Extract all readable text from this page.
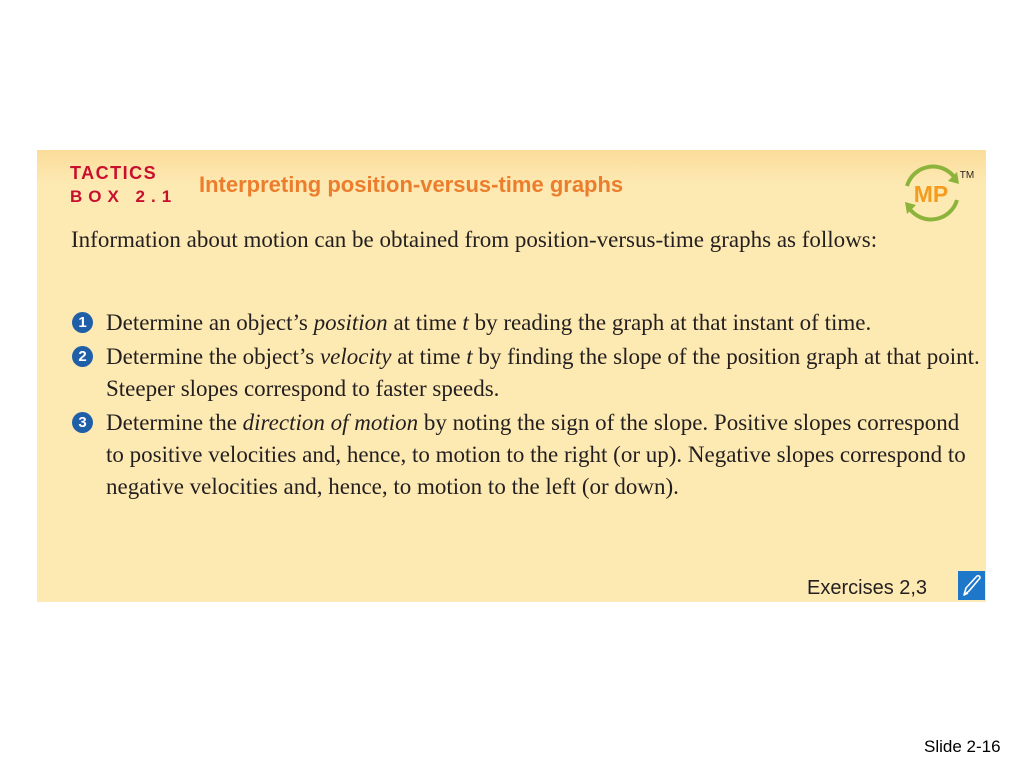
TACTICS
BOX 2.1 Interpreting position-versus-time graphs	MP
TM

Information about motion can be obtained from position-versus-time graphs as follows:

1 Determine an object’s position at time t by reading the graph at that instant of time.
2 Determine the object’s velocity at time t by finding the slope of the position graph at that point. Steeper slopes correspond to faster speeds.
3 Determine the direction of motion by noting the sign of the slope. Positive slopes correspond to positive velocities and, hence, to motion to the right (or up). Negative slopes correspond to negative velocities and, hence, to motion to the left (or down).
Exercises 2,3
Slide 2-16
